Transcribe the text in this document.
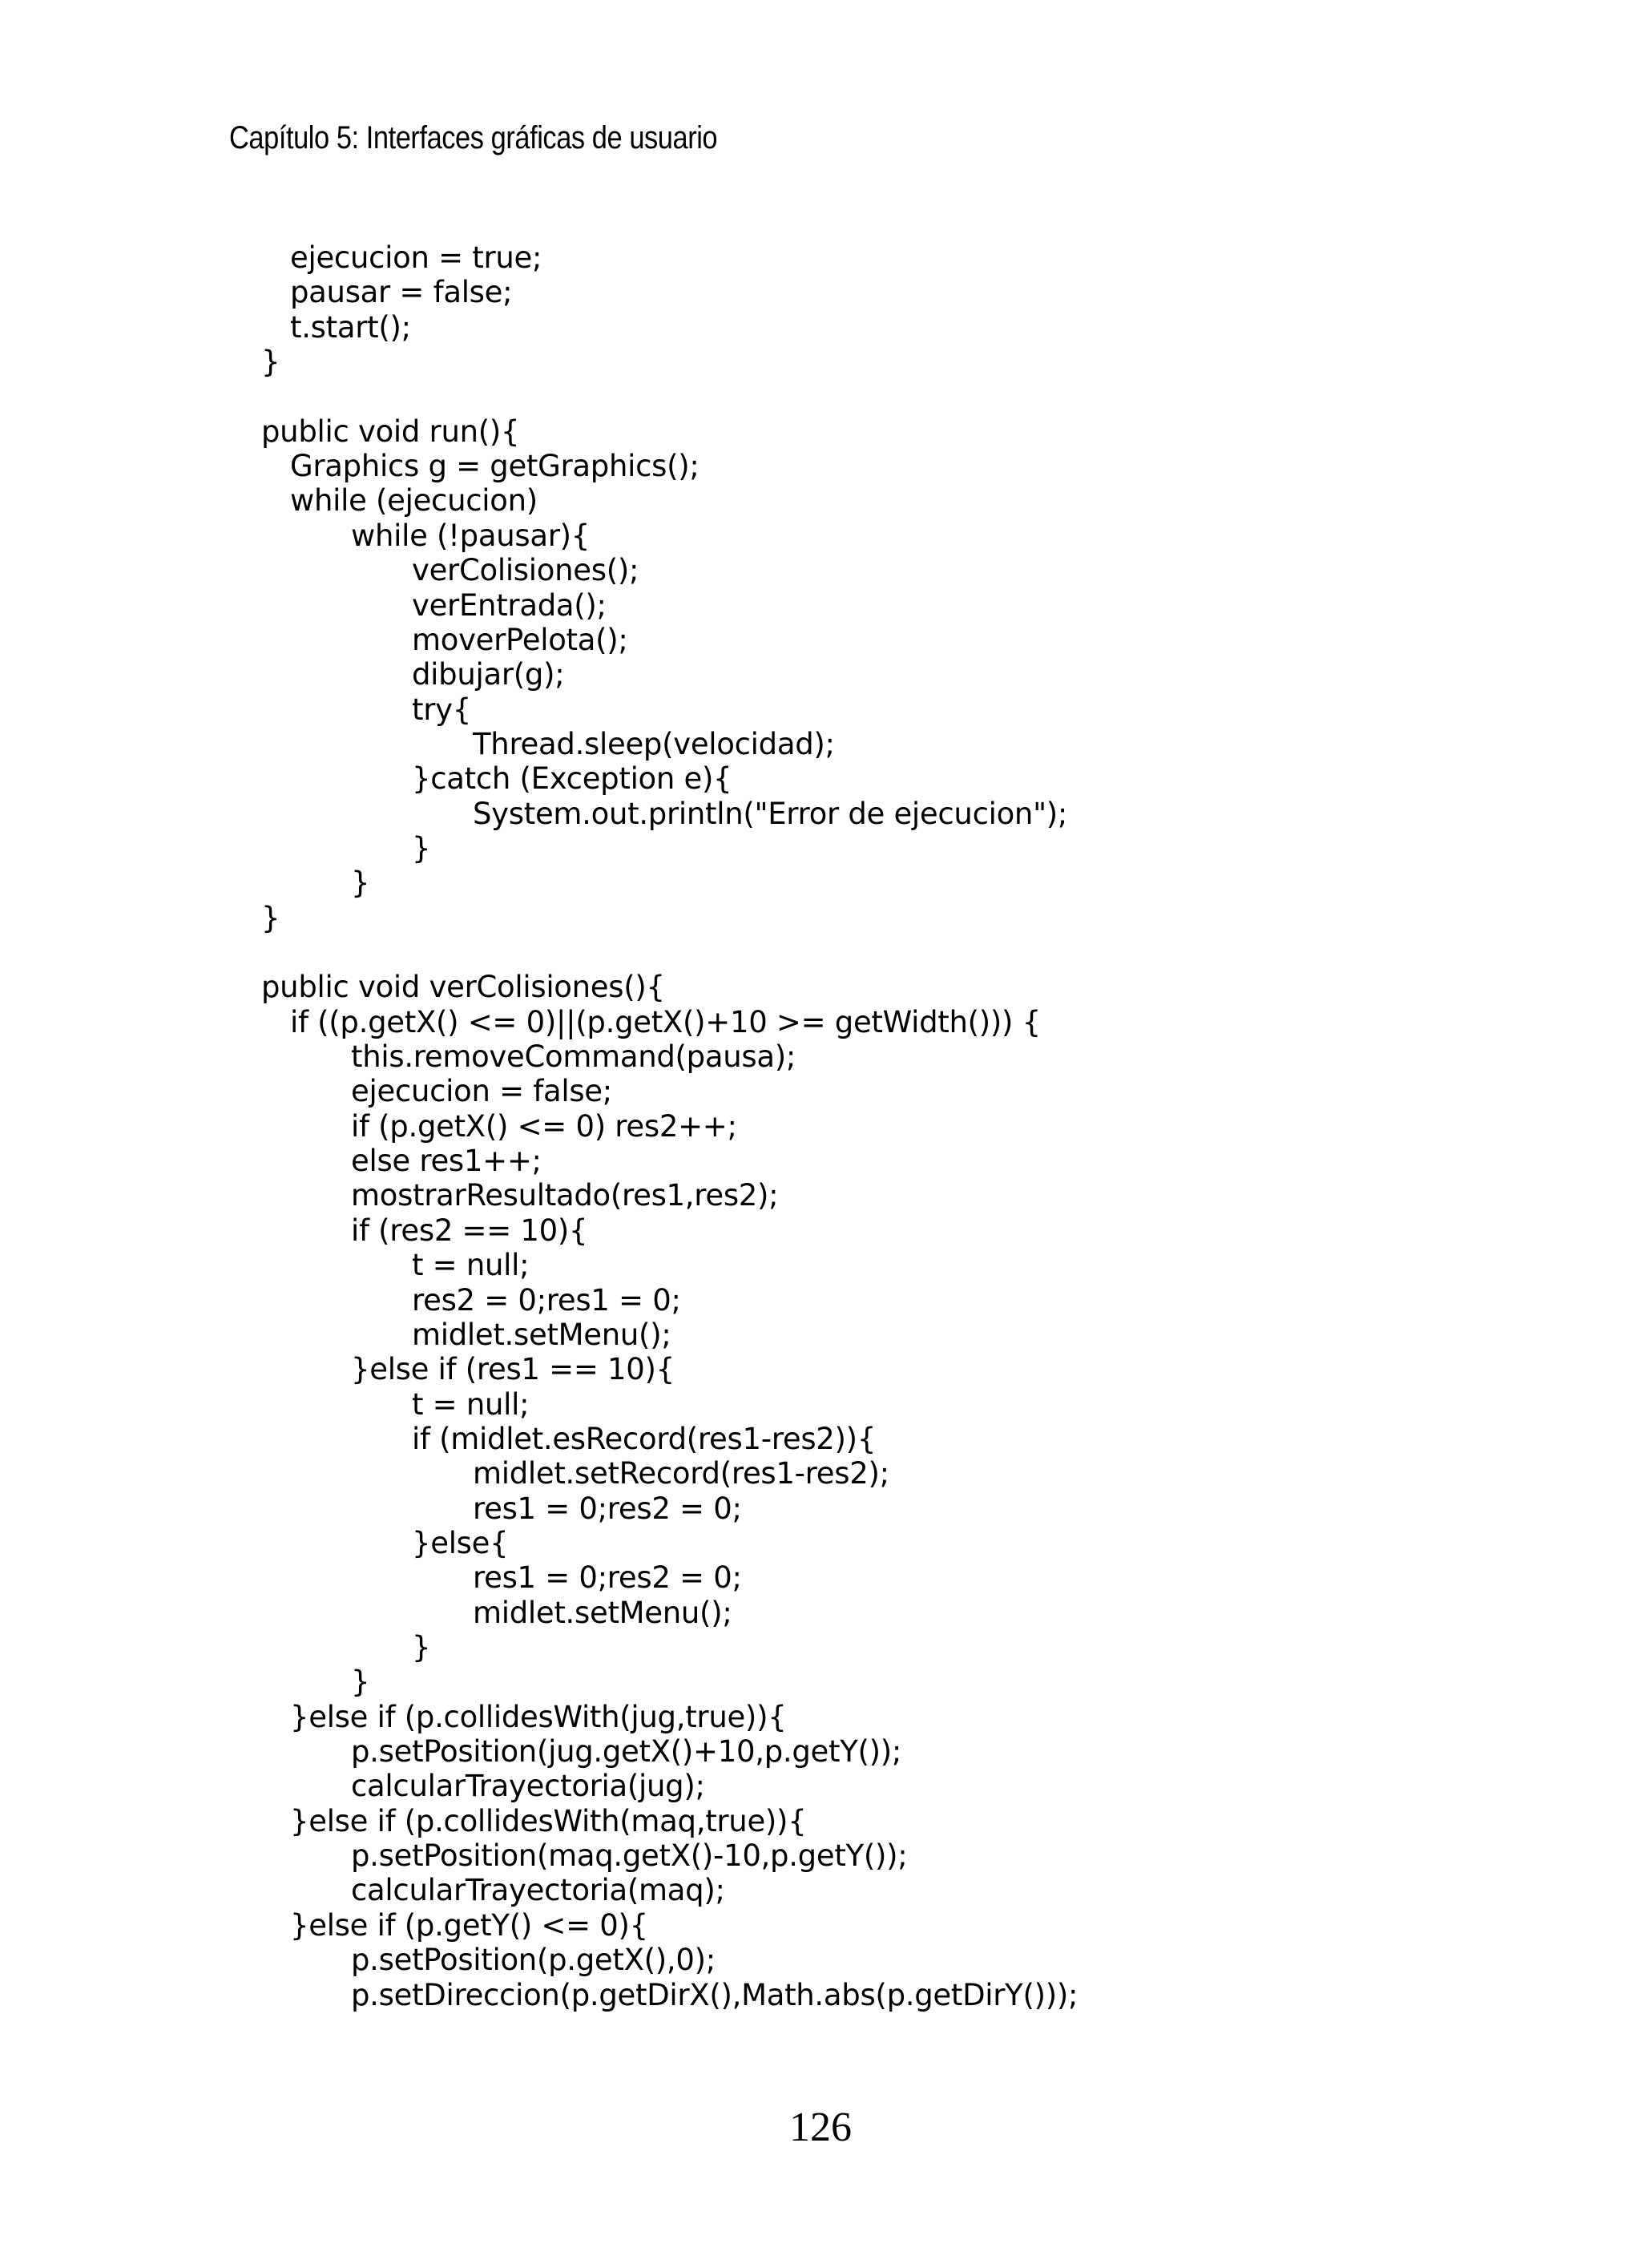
Capítulo 5: Interfaces gráficas de usuario
ejecucion = true;
pausar = false;
t.start();
}
public void run(){
Graphics g = getGraphics();
while (ejecucion)
while (!pausar){
verColisiones();
verEntrada();
moverPelota();
dibujar(g);
try{
Thread.sleep(velocidad);
}catch (Exception e){
System.out.println("Error de ejecucion");
}
}
}
public void verColisiones(){
if ((p.getX() <= 0)||(p.getX()+10 >= getWidth())) {
this.removeCommand(pausa);
ejecucion = false;
if (p.getX() <= 0) res2++;
else res1++;
mostrarResultado(res1,res2);
if (res2 == 10){
t = null;
res2 = 0;res1 = 0;
midlet.setMenu();
}else if (res1 == 10){
t = null;
if (midlet.esRecord(res1-res2)){
midlet.setRecord(res1-res2);
res1 = 0;res2 = 0;
}else{
res1 = 0;res2 = 0;
midlet.setMenu();
}
}
}else if (p.collidesWith(jug,true)){
p.setPosition(jug.getX()+10,p.getY());
calcularTrayectoria(jug);
}else if (p.collidesWith(maq,true)){
p.setPosition(maq.getX()-10,p.getY());
calcularTrayectoria(maq);
}else if (p.getY() <= 0){
p.setPosition(p.getX(),0);
p.setDireccion(p.getDirX(),Math.abs(p.getDirY()));
126
